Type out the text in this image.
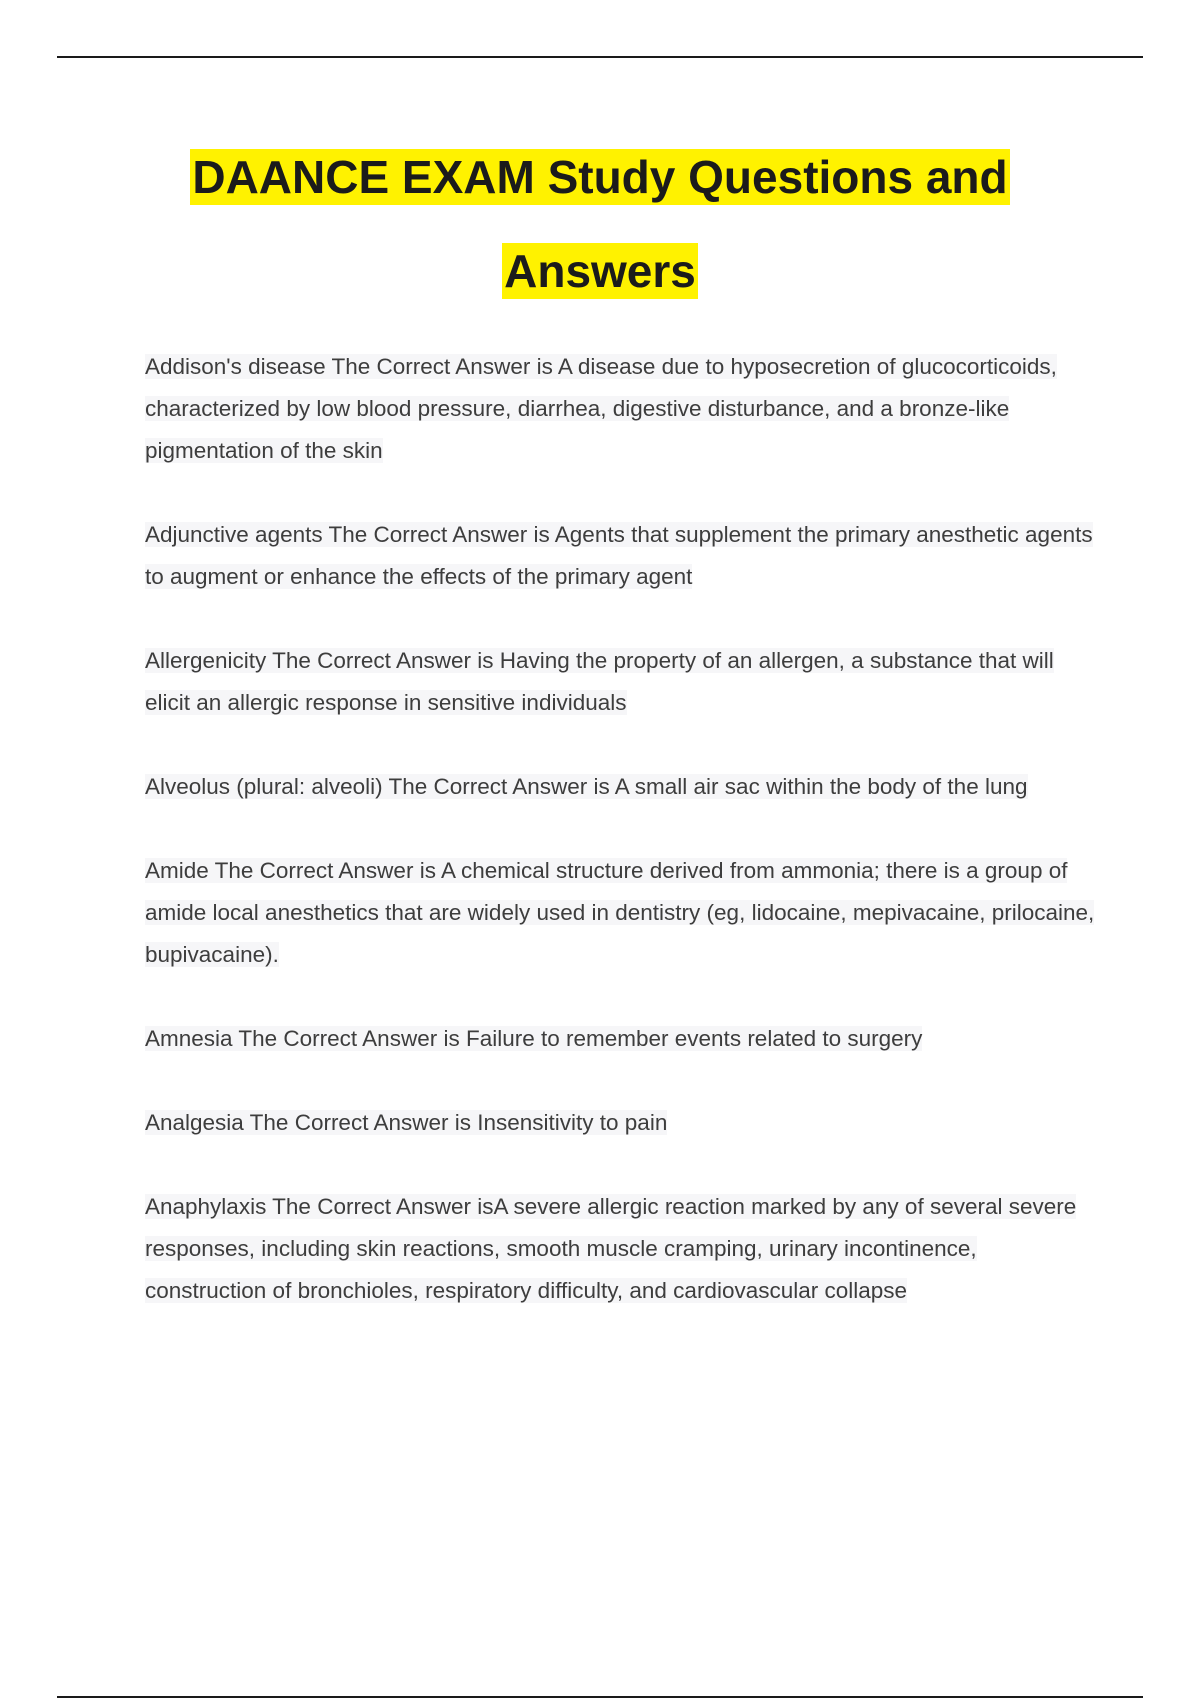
DAANCE EXAM Study Questions and
Answers

Addison's disease The Correct Answer is A disease due to hyposecretion of glucocorticoids, characterized by low blood pressure, diarrhea, digestive disturbance, and a bronze-like pigmentation of the skin

Adjunctive agents The Correct Answer is Agents that supplement the primary anesthetic agents to augment or enhance the effects of the primary agent

Allergenicity The Correct Answer is Having the property of an allergen, a substance that will elicit an allergic response in sensitive individuals

Alveolus (plural: alveoli) The Correct Answer is A small air sac within the body of the lung

Amide The Correct Answer is A chemical structure derived from ammonia; there is a group of amide local anesthetics that are widely used in dentistry (eg, lidocaine, mepivacaine, prilocaine, bupivacaine).

Amnesia The Correct Answer is Failure to remember events related to surgery

Analgesia The Correct Answer is Insensitivity to pain

Anaphylaxis The Correct Answer isA severe allergic reaction marked by any of several severe responses, including skin reactions, smooth muscle cramping, urinary incontinence, construction of bronchioles, respiratory difficulty, and cardiovascular collapse
